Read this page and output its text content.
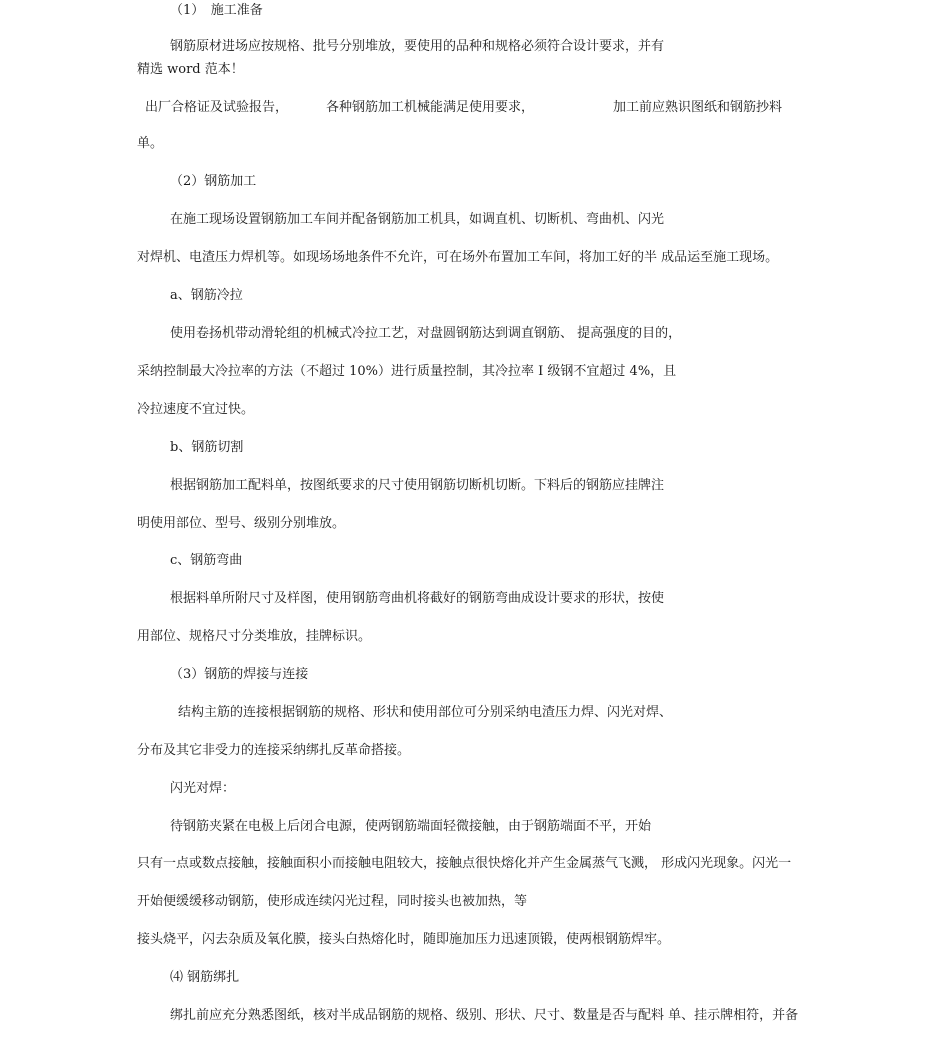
（1）　施工准备
钢筋原材进场应按规格、批号分别堆放，要使用的品种和规格必须符合设计要求，并有
精选 word 范本！
出厂合格证及试验报告，	各种钢筋加工机械能满足使用要求，	加工前应熟识图纸和钢筋抄料
单。
（2）钢筋加工
在施工现场设置钢筋加工车间并配备钢筋加工机具，如调直机、切断机、弯曲机、闪光
对焊机、电渣压力焊机等。如现场场地条件不允许，可在场外布置加工车间，将加工好的半 成品运至施工现场。
a、钢筋冷拉
使用卷扬机带动滑轮组的机械式冷拉工艺，对盘圆钢筋达到调直钢筋、 提高强度的目的，
采纳控制最大冷拉率的方法（不超过 10%）进行质量控制，其冷拉率 I 级钢不宜超过 4%，且
冷拉速度不宜过快。
b、钢筋切割
根据钢筋加工配料单，按图纸要求的尺寸使用钢筋切断机切断。下料后的钢筋应挂牌注
明使用部位、型号、级别分别堆放。
c、钢筋弯曲
根据料单所附尺寸及样图，使用钢筋弯曲机将截好的钢筋弯曲成设计要求的形状，按使
用部位、规格尺寸分类堆放，挂牌标识。
（3）钢筋的焊接与连接
结构主筋的连接根据钢筋的规格、形状和使用部位可分别采纳电渣压力焊、闪光对焊、
分布及其它非受力的连接采纳绑扎反革命搭接。
闪光对焊：
待钢筋夹紧在电极上后闭合电源，使两钢筋端面轻微接触，由于钢筋端面不平，开始
只有一点或数点接触，接触面积小而接触电阻较大，接触点很快熔化并产生金属蒸气飞溅， 形成闪光现象。闪光一
开始便缓缓移动钢筋，使形成连续闪光过程，同时接头也被加热，等
接头烧平，闪去杂质及氧化膜，接头白热熔化时，随即施加压力迅速顶锻，使两根钢筋焊牢。
⑷ 钢筋绑扎
绑扎前应充分熟悉图纸，核对半成品钢筋的规格、级别、形状、尺寸、数量是否与配料 单、挂示牌相符，并备
